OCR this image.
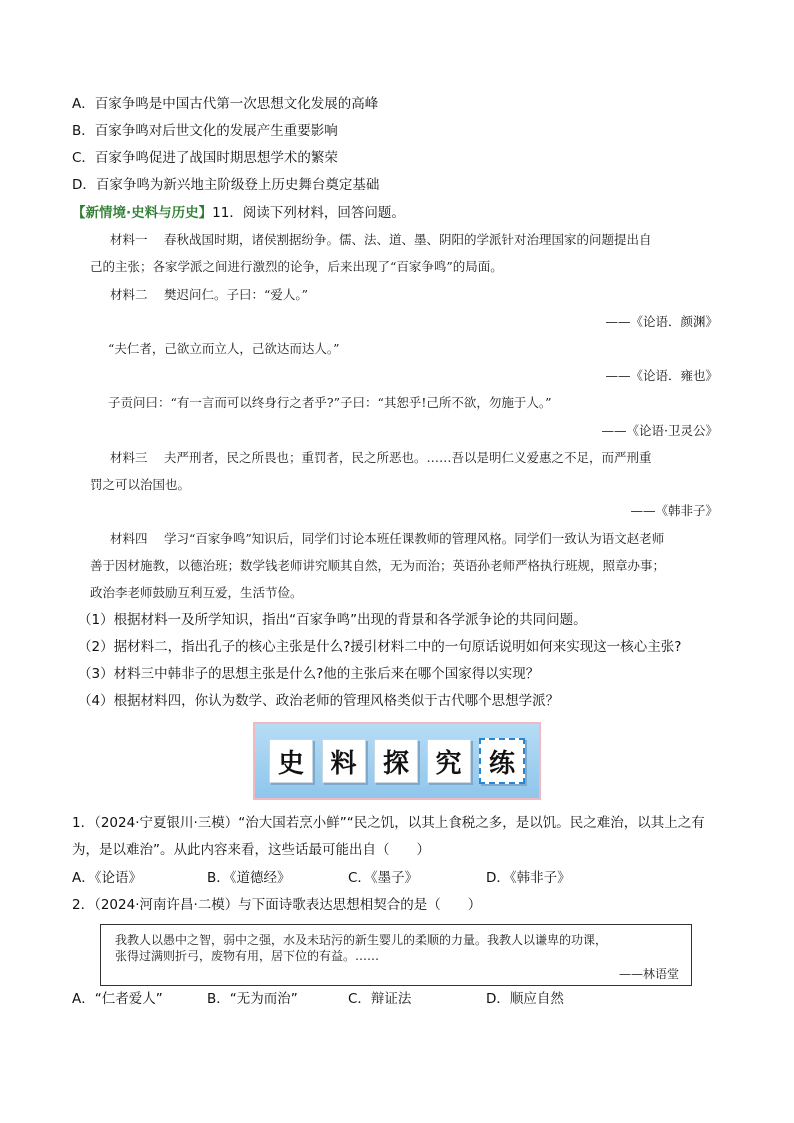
A．百家争鸣是中国古代第一次思想文化发展的高峰
B．百家争鸣对后世文化的发展产生重要影响
C．百家争鸣促进了战国时期思想学术的繁荣
D．百家争鸣为新兴地主阶级登上历史舞台奠定基础
【新情境·史料与历史】11．阅读下列材料，回答问题。
材料一　 春秋战国时期，诸侯割据纷争。儒、法、道、墨、阴阳的学派针对治理国家的问题提出自
己的主张；各家学派之间进行激烈的论争，后来出现了“百家争鸣”的局面。
材料二　 樊迟问仁。子曰：“爱人。”
——《论语．颜渊》
“夫仁者，己欲立而立人，己欲达而达人。”
——《论语．雍也》
子贡问曰：“有一言而可以终身行之者乎?”子曰：“其恕乎!己所不欲，勿施于人。”
——《论语·卫灵公》
材料三　 夫严刑者，民之所畏也；重罚者，民之所恶也。……吾以是明仁义爱惠之不足，而严刑重
罚之可以治国也。
——《韩非子》
材料四　 学习“百家争鸣”知识后，同学们讨论本班任课教师的管理风格。同学们一致认为语文赵老师
善于因材施教，以德治班；数学钱老师讲究顺其自然，无为而治；英语孙老师严格执行班规，照章办事；
政治李老师鼓励互利互爱，生活节俭。
（1）根据材料一及所学知识，指出“百家争鸣”出现的背景和各学派争论的共同问题。
（2）据材料二，指出孔子的核心主张是什么?援引材料二中的一句原话说明如何来实现这一核心主张?
（3）材料三中韩非子的思想主张是什么?他的主张后来在哪个国家得以实现？
（4）根据材料四，你认为数学、政治老师的管理风格类似于古代哪个思想学派？
史	料	探	究	练
1．（2024·宁夏银川·三模）“治大国若烹小鲜”“民之饥，以其上食税之多，是以饥。民之难治，以其上之有
为，是以难治”。从此内容来看，这些话最可能出自（　　）
A．《论语》	B．《道德经》	C．《墨子》	D．《韩非子》
2．（2024·河南许昌·二模）与下面诗歌表达思想相契合的是（　　）
我教人以愚中之智，弱中之强，水及未玷污的新生婴儿的柔顺的力量。我教人以谦卑的功课，
张得过满则折弓，废物有用，居下位的有益。……
——林语堂
A．“仁者爱人”	B．“无为而治”	C．辩证法	D．顺应自然
